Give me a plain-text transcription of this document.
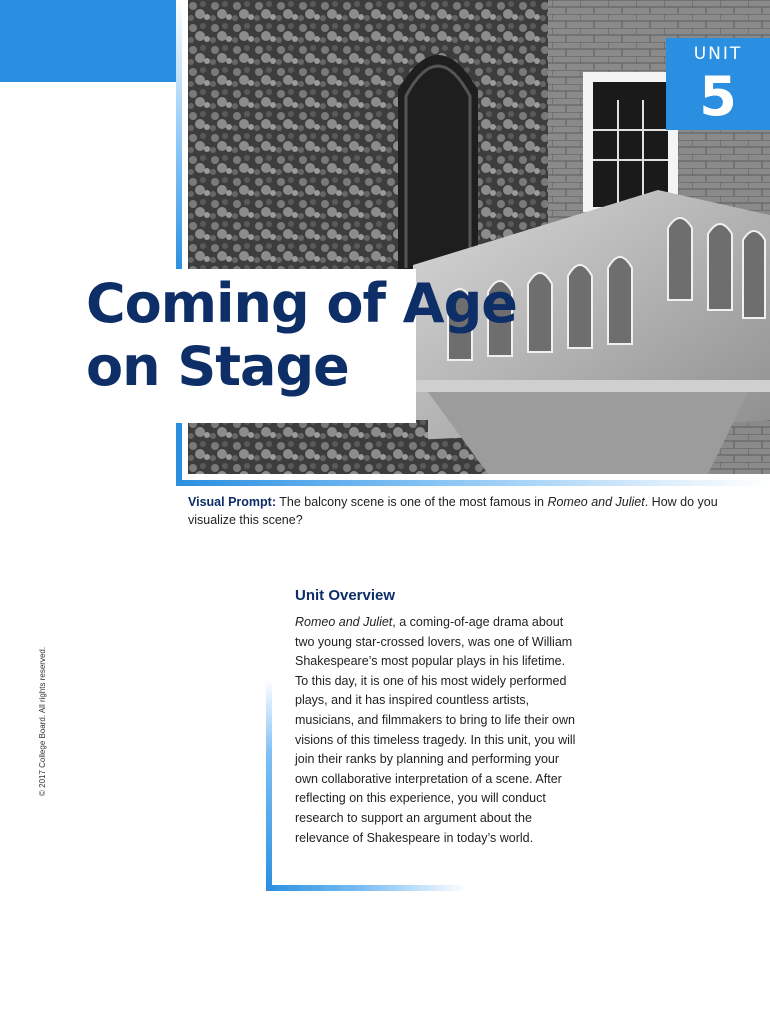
Coming of Age
on Stage
UNIT
5

Visual Prompt: The balcony scene is one of the most famous in Romeo and Juliet. How do you visualize this scene?

© 2017 College Board. All rights reserved.
Unit Overview

Romeo and Juliet, a coming-of-age drama about two young star-crossed lovers, was one of William Shakespeare’s most popular plays in his lifetime. To this day, it is one of his most widely performed plays, and it has inspired countless artists, musicians, and filmmakers to bring to life their own visions of this timeless tragedy. In this unit, you will join their ranks by planning and performing your own collaborative interpretation of a scene. After reflecting on this experience, you will conduct research to support an argument about the relevance of Shakespeare in today’s world.
